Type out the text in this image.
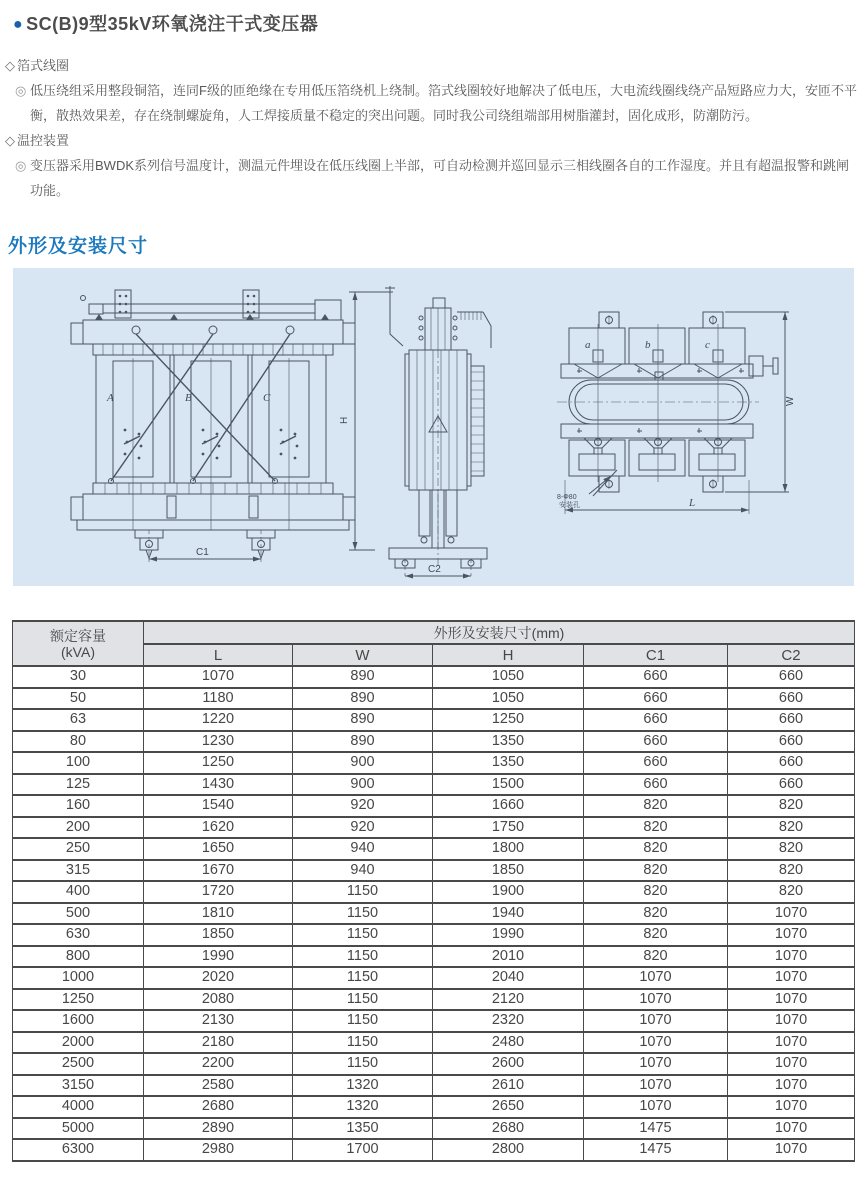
● SC(B)9型35kV环氧浇注干式变压器
◇ 箔式线圈
◎ 低压绕组采用整段铜箔，连同F级的匝绝缘在专用低压箔绕机上绕制。箔式线圈较好地解决了低电压，大电流线圈线绕产品短路应力大，安匝不平衡，散热效果差，存在绕制螺旋角，人工焊接质量不稳定的突出问题。同时我公司绕组端部用树脂灌封，固化成形，防潮防污。
◇ 温控装置
◎ 变压器采用BWDK系列信号温度计，测温元件埋设在低压线圈上半部，可自动检测并巡回显示三相线圈各自的工作湿度。并且有超温报警和跳闸功能。
外形及安装尺寸
A	B	C
C1
H
C2
a	b	c
W
L
8-Φ80
安装孔
额定容量
(kVA)	外形及安装尺寸(mm)				
	L	W	H	C1	C2
30	1070	890	1050	660	660
50	1180	890	1050	660	660
63	1220	890	1250	660	660
80	1230	890	1350	660	660
100	1250	900	1350	660	660
125	1430	900	1500	660	660
160	1540	920	1660	820	820
200	1620	920	1750	820	820
250	1650	940	1800	820	820
315	1670	940	1850	820	820
400	1720	1150	1900	820	820
500	1810	1150	1940	820	1070
630	1850	1150	1990	820	1070
800	1990	1150	2010	820	1070
1000	2020	1150	2040	1070	1070
1250	2080	1150	2120	1070	1070
1600	2130	1150	2320	1070	1070
2000	2180	1150	2480	1070	1070
2500	2200	1150	2600	1070	1070
3150	2580	1320	2610	1070	1070
4000	2680	1320	2650	1070	1070
5000	2890	1350	2680	1475	1070
6300	2980	1700	2800	1475	1070
